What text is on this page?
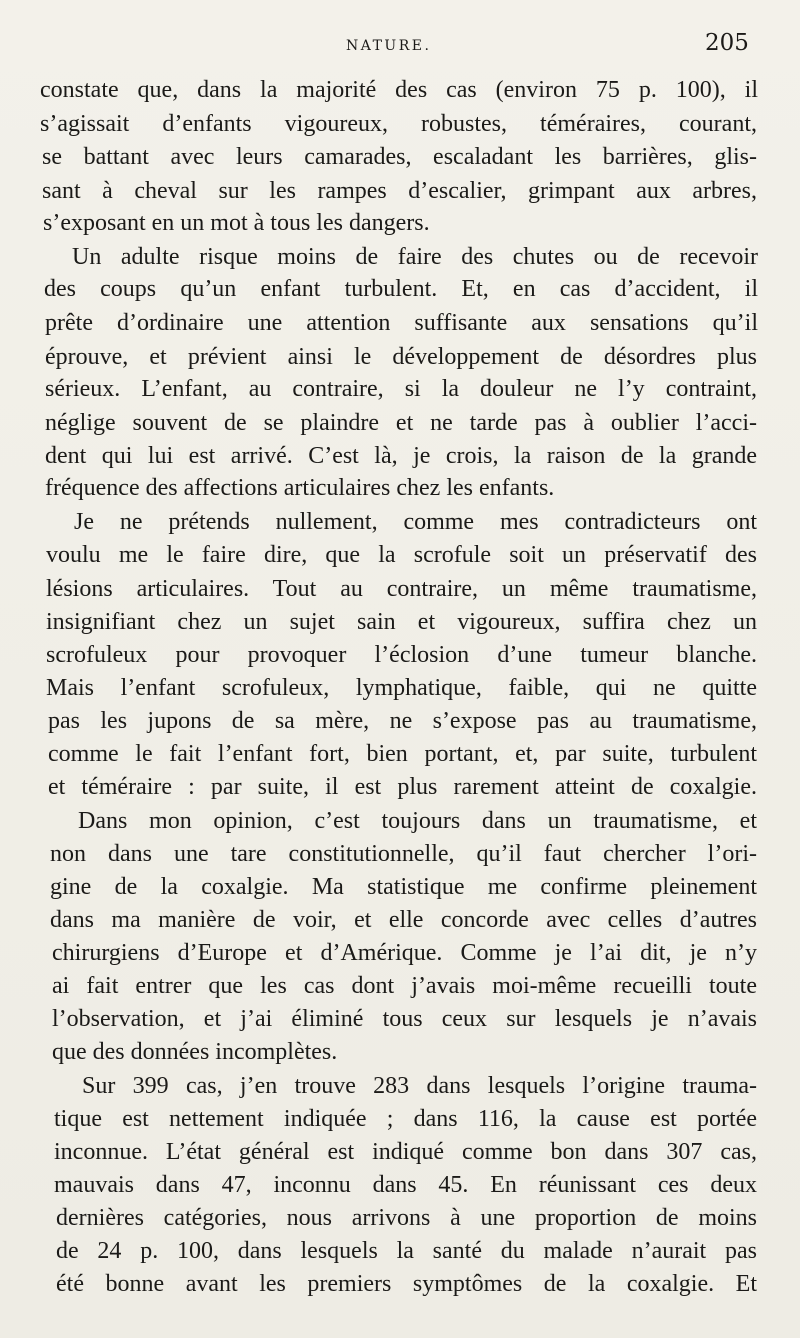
NATURE.	205
constate que, dans la majorité des cas (environ 75 p. 100), il
s’agissait d’enfants vigoureux, robustes, téméraires, courant,
se battant avec leurs camarades, escaladant les barrières, glis-
sant à cheval sur les rampes d’escalier, grimpant aux arbres,
s’exposant en un mot à tous les dangers.
Un adulte risque moins de faire des chutes ou de recevoir
des coups qu’un enfant turbulent. Et, en cas d’accident, il
prête d’ordinaire une attention suffisante aux sensations qu’il
éprouve, et prévient ainsi le développement de désordres plus
sérieux. L’enfant, au contraire, si la douleur ne l’y contraint,
néglige souvent de se plaindre et ne tarde pas à oublier l’acci-
dent qui lui est arrivé. C’est là, je crois, la raison de la grande
fréquence des affections articulaires chez les enfants.
Je ne prétends nullement, comme mes contradicteurs ont
voulu me le faire dire, que la scrofule soit un préservatif des
lésions articulaires. Tout au contraire, un même traumatisme,
insignifiant chez un sujet sain et vigoureux, suffira chez un
scrofuleux pour provoquer l’éclosion d’une tumeur blanche.
Mais l’enfant scrofuleux, lymphatique, faible, qui ne quitte
pas les jupons de sa mère, ne s’expose pas au traumatisme,
comme le fait l’enfant fort, bien portant, et, par suite, turbulent
et téméraire : par suite, il est plus rarement atteint de coxalgie.
Dans mon opinion, c’est toujours dans un traumatisme, et
non dans une tare constitutionnelle, qu’il faut chercher l’ori-
gine de la coxalgie. Ma statistique me confirme pleinement
dans ma manière de voir, et elle concorde avec celles d’autres
chirurgiens d’Europe et d’Amérique. Comme je l’ai dit, je n’y
ai fait entrer que les cas dont j’avais moi-même recueilli toute
l’observation, et j’ai éliminé tous ceux sur lesquels je n’avais
que des données incomplètes.
Sur 399 cas, j’en trouve 283 dans lesquels l’origine trauma-
tique est nettement indiquée ; dans 116, la cause est portée
inconnue. L’état général est indiqué comme bon dans 307 cas,
mauvais dans 47, inconnu dans 45. En réunissant ces deux
dernières catégories, nous arrivons à une proportion de moins
de 24 p. 100, dans lesquels la santé du malade n’aurait pas
été bonne avant les premiers symptômes de la coxalgie. Et
